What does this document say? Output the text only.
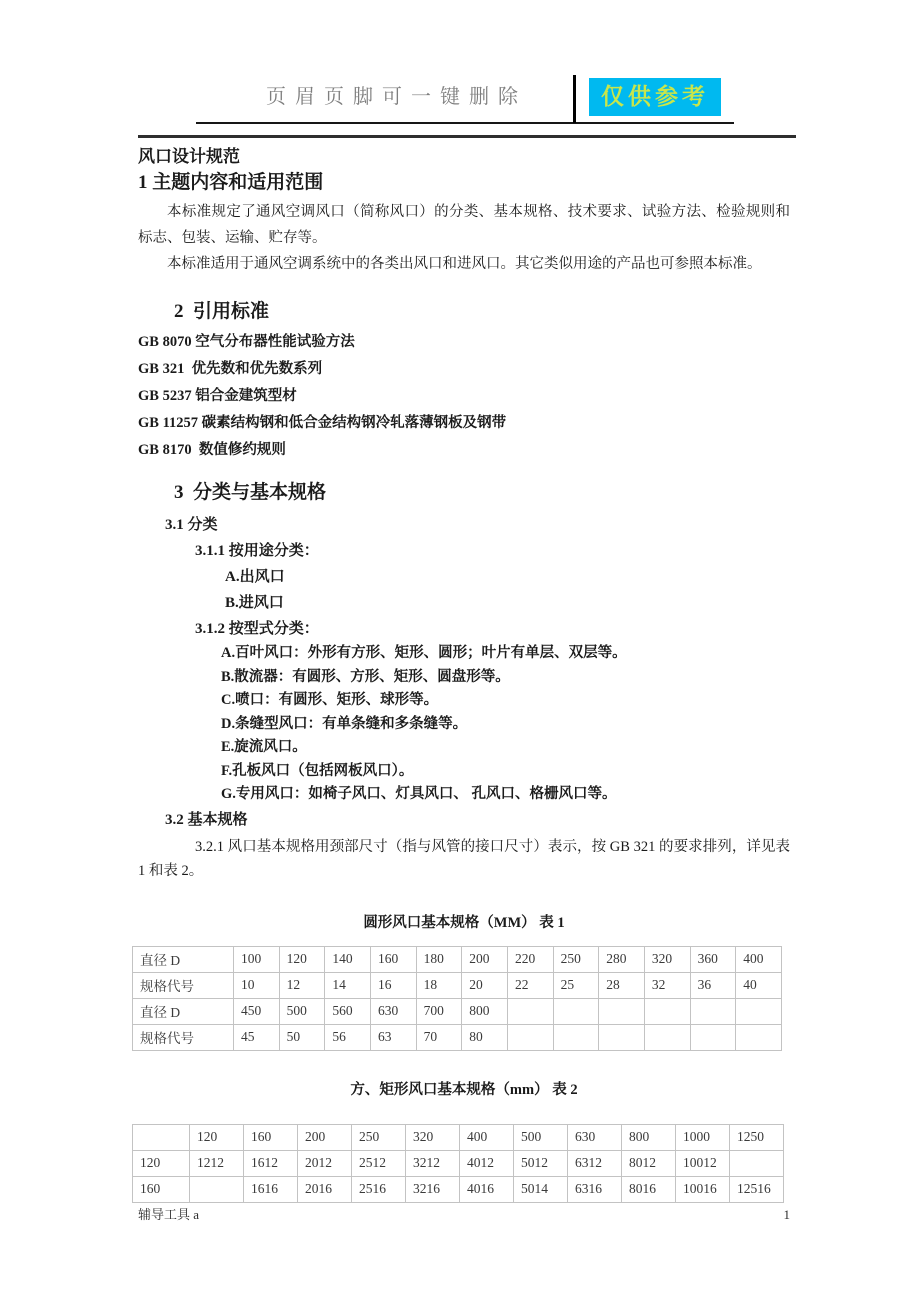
页眉页脚可一键删除	仅供参考
风口设计规范
1 主题内容和适用范围

本标准规定了通风空调风口（简称风口）的分类、基本规格、技术要求、试验方法、检验规则和标志、包装、运输、贮存等。

本标准适用于通风空调系统中的各类出风口和进风口。其它类似用途的产品也可参照本标准。

2  引用标准
GB 8070 空气分布器性能试验方法
GB 321  优先数和优先数系列
GB 5237 铝合金建筑型材
GB 11257 碳素结构钢和低合金结构钢冷轧落薄钢板及钢带
GB 8170  数值修约规则
3  分类与基本规格
3.1 分类
3.1.1 按用途分类：
A.出风口
B.进风口
3.1.2 按型式分类：
A.百叶风口：外形有方形、矩形、圆形；叶片有单层、双层等。
B.散流器：有圆形、方形、矩形、圆盘形等。
C.喷口：有圆形、矩形、球形等。
D.条缝型风口：有单条缝和多条缝等。
E.旋流风口。
F.孔板风口（包括网板风口）。
G.专用风口：如椅子风口、灯具风口、 孔风口、格栅风口等。
3.2 基本规格

3.2.1 风口基本规格用颈部尺寸（指与风管的接口尺寸）表示，按 GB 321 的要求排列，详见表 1 和表 2。

圆形风口基本规格（MM） 表 1
直径 D	100	120	140	160	180	200	220	250	280	320	360	400
规格代号	10	12	14	16	18	20	22	25	28	32	36	40
直径 D	450	500	560	630	700	800						
规格代号	45	50	56	63	70	80						
方、矩形风口基本规格（mm） 表 2
	120	160	200	250	320	400	500	630	800	1000	1250
120	1212	1612	2012	2512	3212	4012	5012	6312	8012	10012	
160		1616	2016	2516	3216	4016	5014	6316	8016	10016	12516
辅导工具 a	1
